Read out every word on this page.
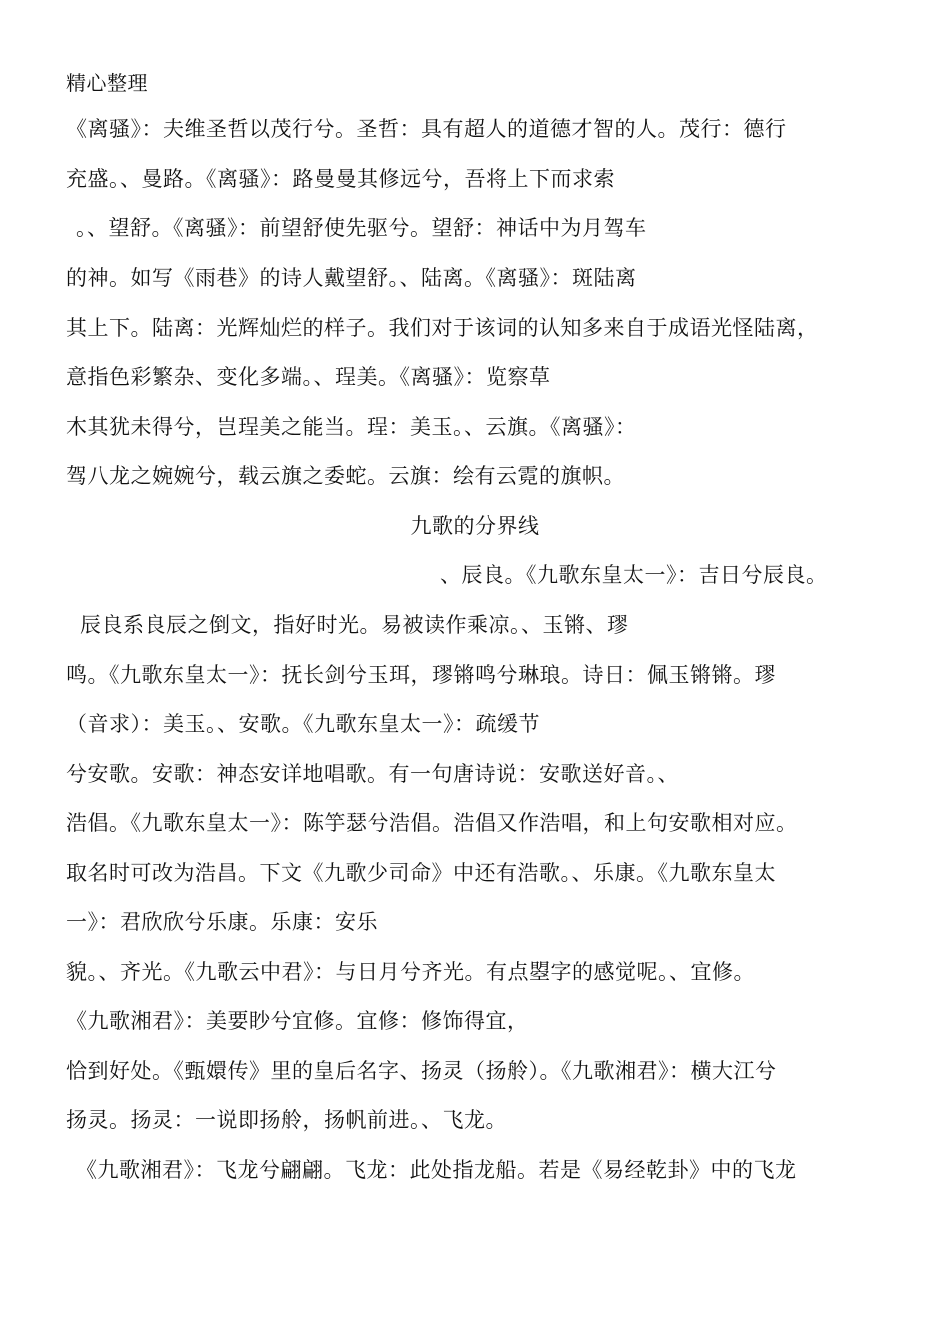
精心整理
《离骚》：夫维圣哲以茂行兮。圣哲：具有超人的道德才智的人。茂行：德行
充盛。、曼路。《离骚》：路曼曼其修远兮，吾将上下而求索
。、望舒。《离骚》：前望舒使先驱兮。望舒：神话中为月驾车
的神。如写《雨巷》的诗人戴望舒。、陆离。《离骚》：斑陆离
其上下。陆离：光辉灿烂的样子。我们对于该词的认知多来自于成语光怪陆离，
意指色彩繁杂、变化多端。、珵美。《离骚》：览察草
木其犹未得兮，岂珵美之能当。珵：美玉。、云旗。《离骚》：
驾八龙之婉婉兮，载云旗之委蛇。云旗：绘有云霓的旗帜。
九歌的分界线
、辰良。《九歌东皇太一》：吉日兮辰良。
辰良系良辰之倒文，指好时光。易被读作乘凉。、玉锵、璆
鸣。《九歌东皇太一》：抚长剑兮玉珥，璆锵鸣兮琳琅。诗日：佩玉锵锵。璆
（音求）：美玉。、安歌。《九歌东皇太一》：疏缓节
兮安歌。安歌：神态安详地唱歌。有一句唐诗说：安歌送好音。、
浩倡。《九歌东皇太一》：陈竽瑟兮浩倡。浩倡又作浩唱，和上句安歌相对应。
取名时可改为浩昌。下文《九歌少司命》中还有浩歌。、乐康。《九歌东皇太
一》：君欣欣兮乐康。乐康：安乐
貌。、齐光。《九歌云中君》：与日月兮齐光。有点曌字的感觉呢。、宜修。
《九歌湘君》：美要眇兮宜修。宜修：修饰得宜，
恰到好处。《甄嬛传》里的皇后名字、扬灵（扬舲）。《九歌湘君》：横大江兮
扬灵。扬灵：一说即扬舲，扬帆前进。、飞龙。
《九歌湘君》：飞龙兮翩翩。飞龙：此处指龙船。若是《易经乾卦》中的飞龙
